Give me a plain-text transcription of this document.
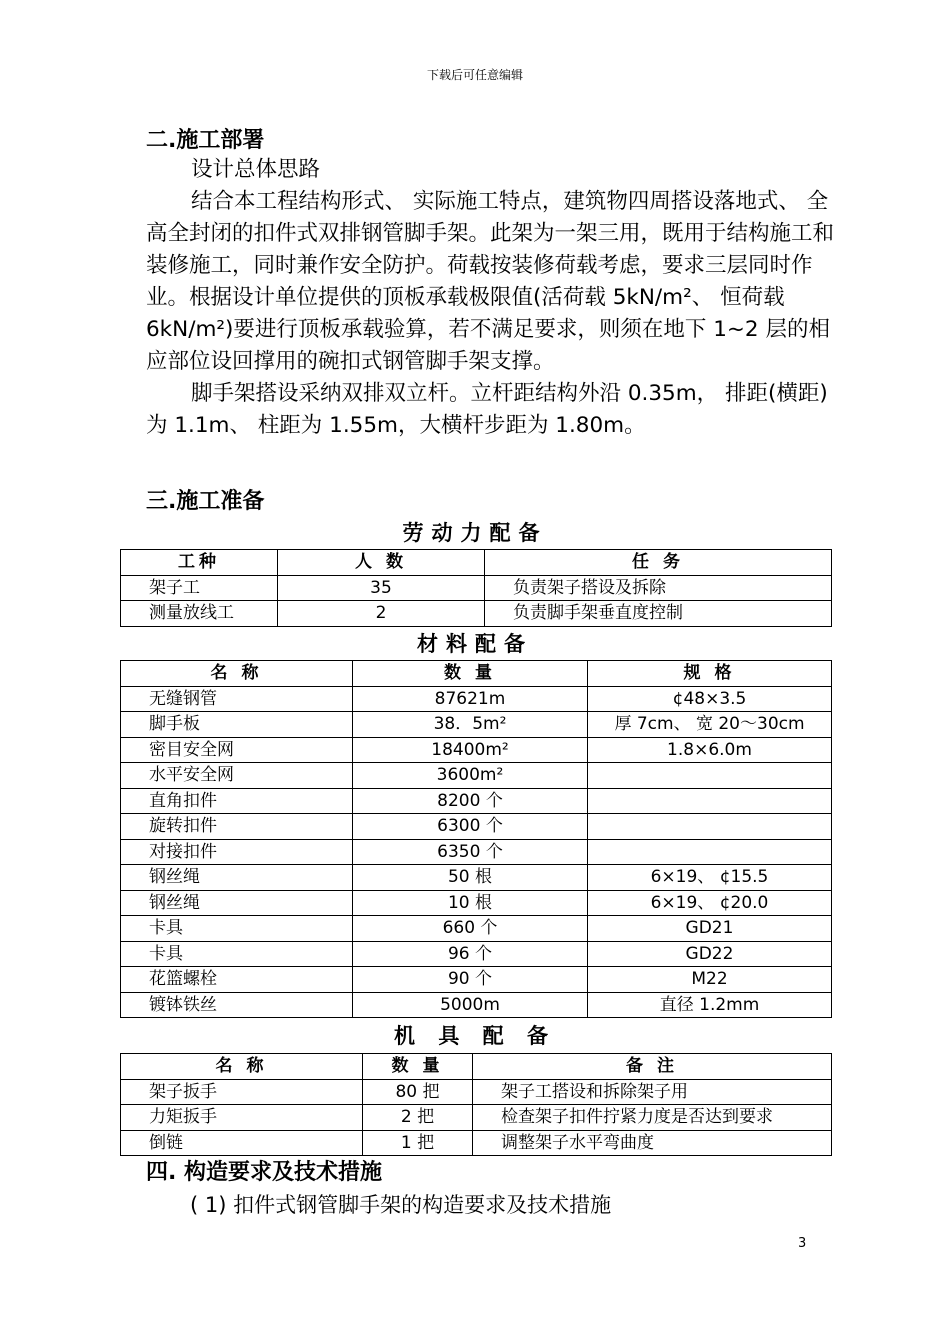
下载后可任意编辑
二.施工部署

设计总体思路

结合本工程结构形式、 实际施工特点，建筑物四周搭设落地式、 全高全封闭的扣件式双排钢管脚手架。此架为一架三用，既用于结构施工和装修施工，同时兼作安全防护。荷载按装修荷载考虑，要求三层同时作业。根据设计单位提供的顶板承载极限值(活荷载 5kN/m²、 恒荷载 6kN/m²)要进行顶板承载验算，若不满足要求，则须在地下 1~2 层的相应部位设回撑用的碗扣式钢管脚手架支撑。

脚手架搭设采纳双排双立杆。立杆距结构外沿 0.35m， 排距(横距)为 1.1m、 柱距为 1.55m，大横杆步距为 1.80m。

三.施工准备
劳动力配备
工种	人 数	任 务
架子工	35	负责架子搭设及拆除
测量放线工	2	负责脚手架垂直度控制
材料配备
名 称	数 量	规 格
无缝钢管	87621m	¢48×3.5
脚手板	38．5m²	厚 7cm、 宽 20～30cm
密目安全网	18400m²	1.8×6.0m
水平安全网	3600m²	
直角扣件	8200 个	
旋转扣件	6300 个	
对接扣件	6350 个	
钢丝绳	50 根	6×19、 ¢15.5
钢丝绳	10 根	6×19、 ¢20.0
卡具	660 个	GD21
卡具	96 个	GD22
花篮螺栓	90 个	M22
镀钵铁丝	5000m	直径 1.2mm
机 具 配 备
名 称	数 量	备 注
架子扳手	80 把	架子工搭设和拆除架子用
力矩扳手	2 把	检查架子扣件拧紧力度是否达到要求
倒链	1 把	调整架子水平弯曲度
四. 构造要求及技术措施
( 1) 扣件式钢管脚手架的构造要求及技术措施
3
